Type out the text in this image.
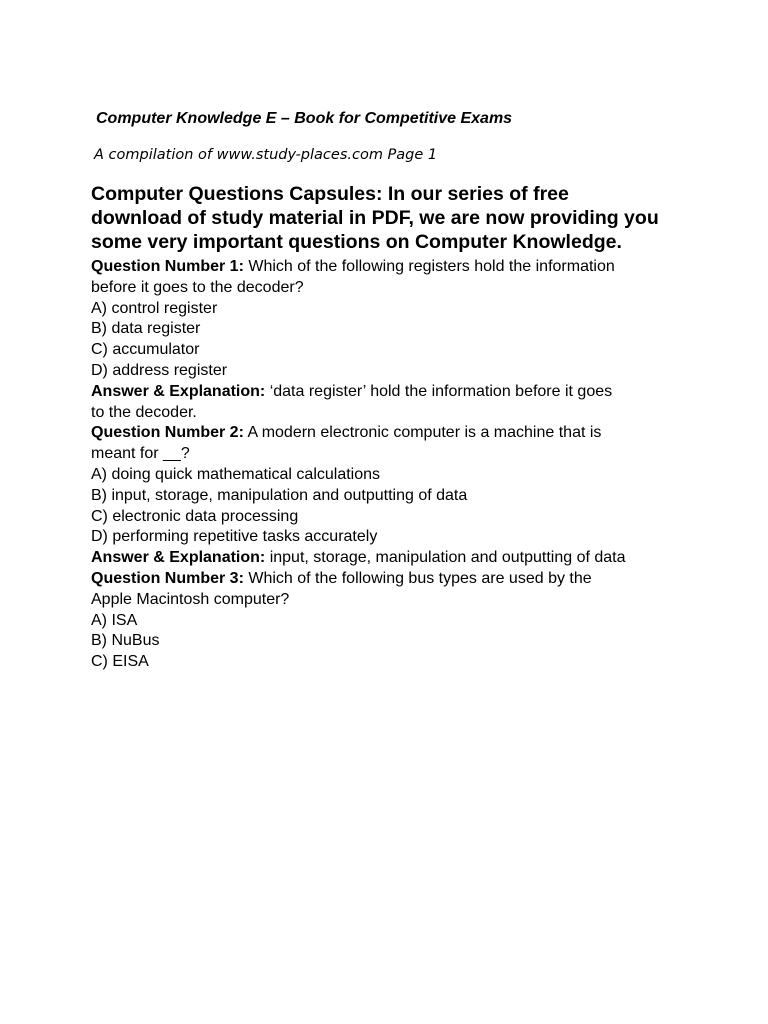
Computer Knowledge E – Book for Competitive Exams
A compilation of www.study-places.com Page 1
Computer Questions Capsules: In our series of free
download of study material in PDF, we are now providing you
some very important questions on Computer Knowledge.
Question Number 1: Which of the following registers hold the information
before it goes to the decoder?
A) control register
B) data register
C) accumulator
D) address register
Answer & Explanation: ‘data register’ hold the information before it goes
to the decoder.
Question Number 2: A modern electronic computer is a machine that is
meant for __?
A) doing quick mathematical calculations
B) input, storage, manipulation and outputting of data
C) electronic data processing
D) performing repetitive tasks accurately
Answer & Explanation: input, storage, manipulation and outputting of data
Question Number 3: Which of the following bus types are used by the
Apple Macintosh computer?
A) ISA
B) NuBus
C) EISA
